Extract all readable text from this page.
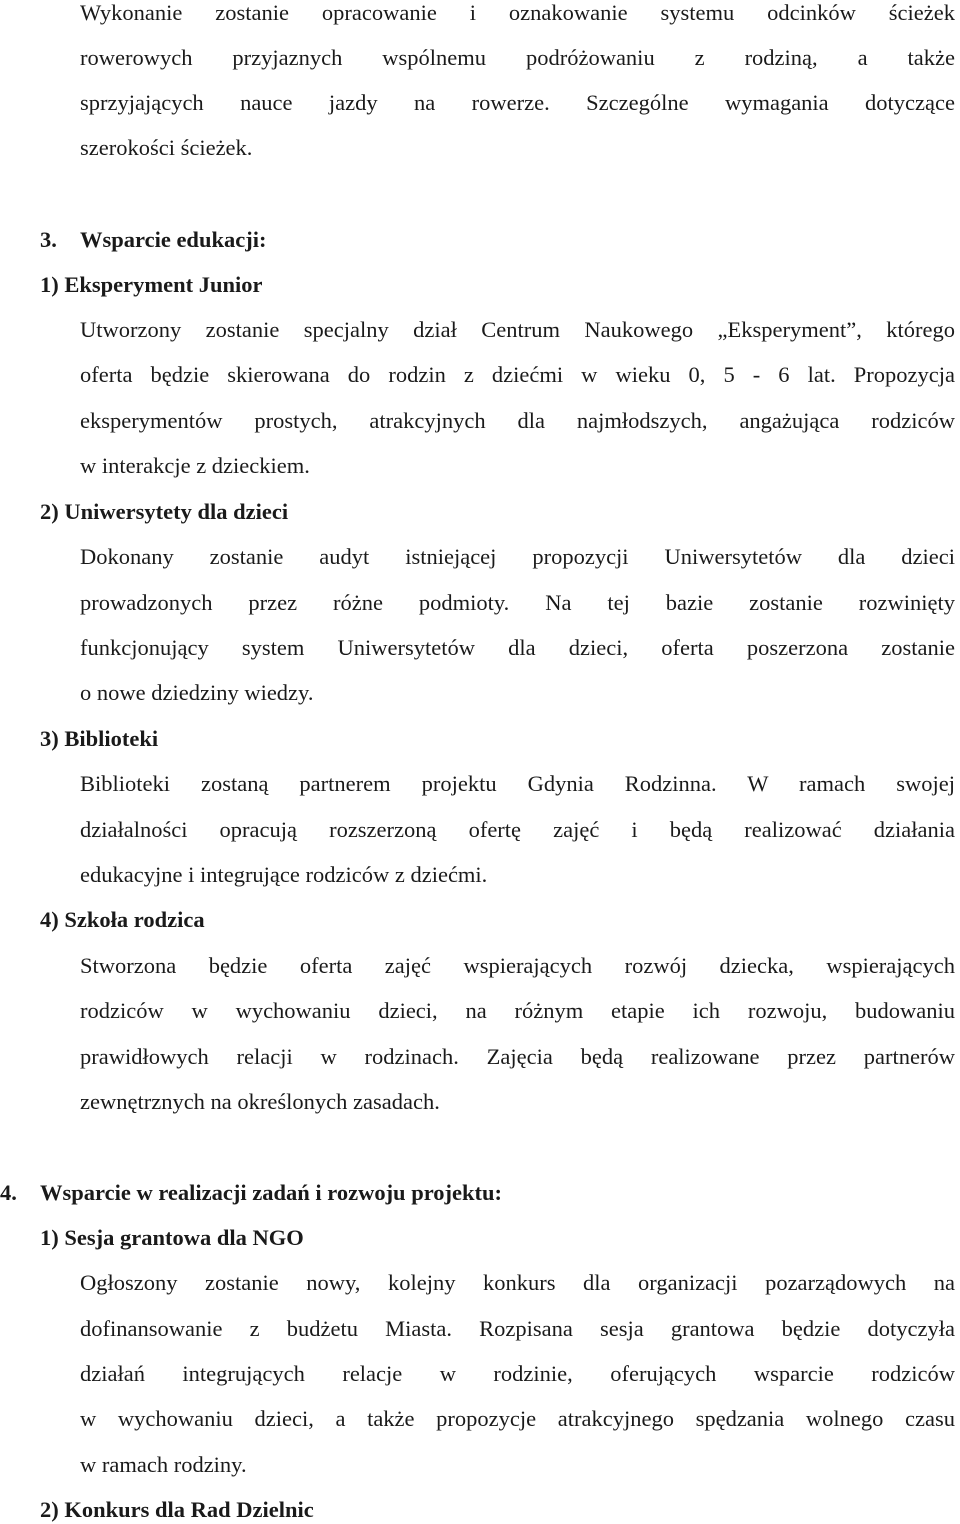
Wykonanie zostanie opracowanie i oznakowanie systemu odcinków ścieżek
rowerowych przyjaznych wspólnemu podróżowaniu z rodziną, a także
sprzyjających nauce jazdy na rowerze. Szczególne wymagania dotyczące
szerokości ścieżek.
3. Wsparcie edukacji:
1) Eksperyment Junior
Utworzony zostanie specjalny dział Centrum Naukowego „Eksperyment”, którego
oferta będzie skierowana do rodzin z dziećmi w wieku 0, 5 - 6 lat. Propozycja
eksperymentów prostych, atrakcyjnych dla najmłodszych, angażująca rodziców
w interakcje z dzieckiem.
2) Uniwersytety dla dzieci
Dokonany zostanie audyt istniejącej propozycji Uniwersytetów dla dzieci
prowadzonych przez różne podmioty. Na tej bazie zostanie rozwinięty
funkcjonujący system Uniwersytetów dla dzieci, oferta poszerzona zostanie
o nowe dziedziny wiedzy.
3) Biblioteki
Biblioteki zostaną partnerem projektu Gdynia Rodzinna. W ramach swojej
działalności opracują rozszerzoną ofertę zajęć i będą realizować działania
edukacyjne i integrujące rodziców z dziećmi.
4) Szkoła rodzica
Stworzona będzie oferta zajęć wspierających rozwój dziecka, wspierających
rodziców w wychowaniu dzieci, na różnym etapie ich rozwoju, budowaniu
prawidłowych relacji w rodzinach. Zajęcia będą realizowane przez partnerów
zewnętrznych na określonych zasadach.
4. Wsparcie w realizacji zadań i rozwoju projektu:
1) Sesja grantowa dla NGO
Ogłoszony zostanie nowy, kolejny konkurs dla organizacji pozarządowych na
dofinansowanie z budżetu Miasta. Rozpisana sesja grantowa będzie dotyczyła
działań integrujących relacje w rodzinie, oferujących wsparcie rodziców
w wychowaniu dzieci, a także propozycje atrakcyjnego spędzania wolnego czasu
w ramach rodziny.
2) Konkurs dla Rad Dzielnic
